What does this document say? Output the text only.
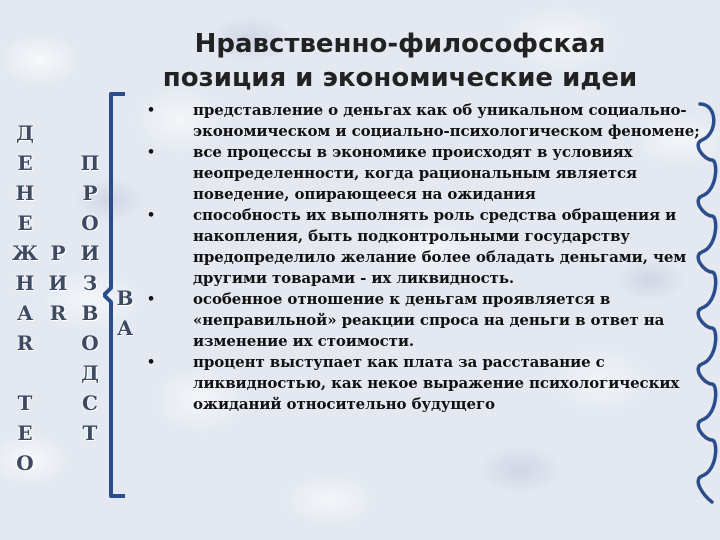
Нравственно-философская
позиция и экономические идеи
Д
Е
Н
Е
Ж
Н
А
R
Т
Е
О
Р
И
R
П
Р
О
И
З
В
О
Д
С
Т
В
А
•	представление о деньгах как об уникальном социально-экономическом и социально-психологическом феномене;
•	все процессы в экономике происходят в условиях неопределенности, когда рациональным является поведение, опирающееся на ожидания
•	способность их выполнять роль средства обращения и накопления, быть подконтрольными государству предопределило желание более обладать деньгами, чем другими товарами - их ликвидность.
•	особенное отношение к деньгам проявляется в «неправильной» реакции спроса на деньги в ответ на изменение их стоимости.
•	процент выступает как плата за расставание с ликвидностью, как некое выражение психологических ожиданий относительно будущего
